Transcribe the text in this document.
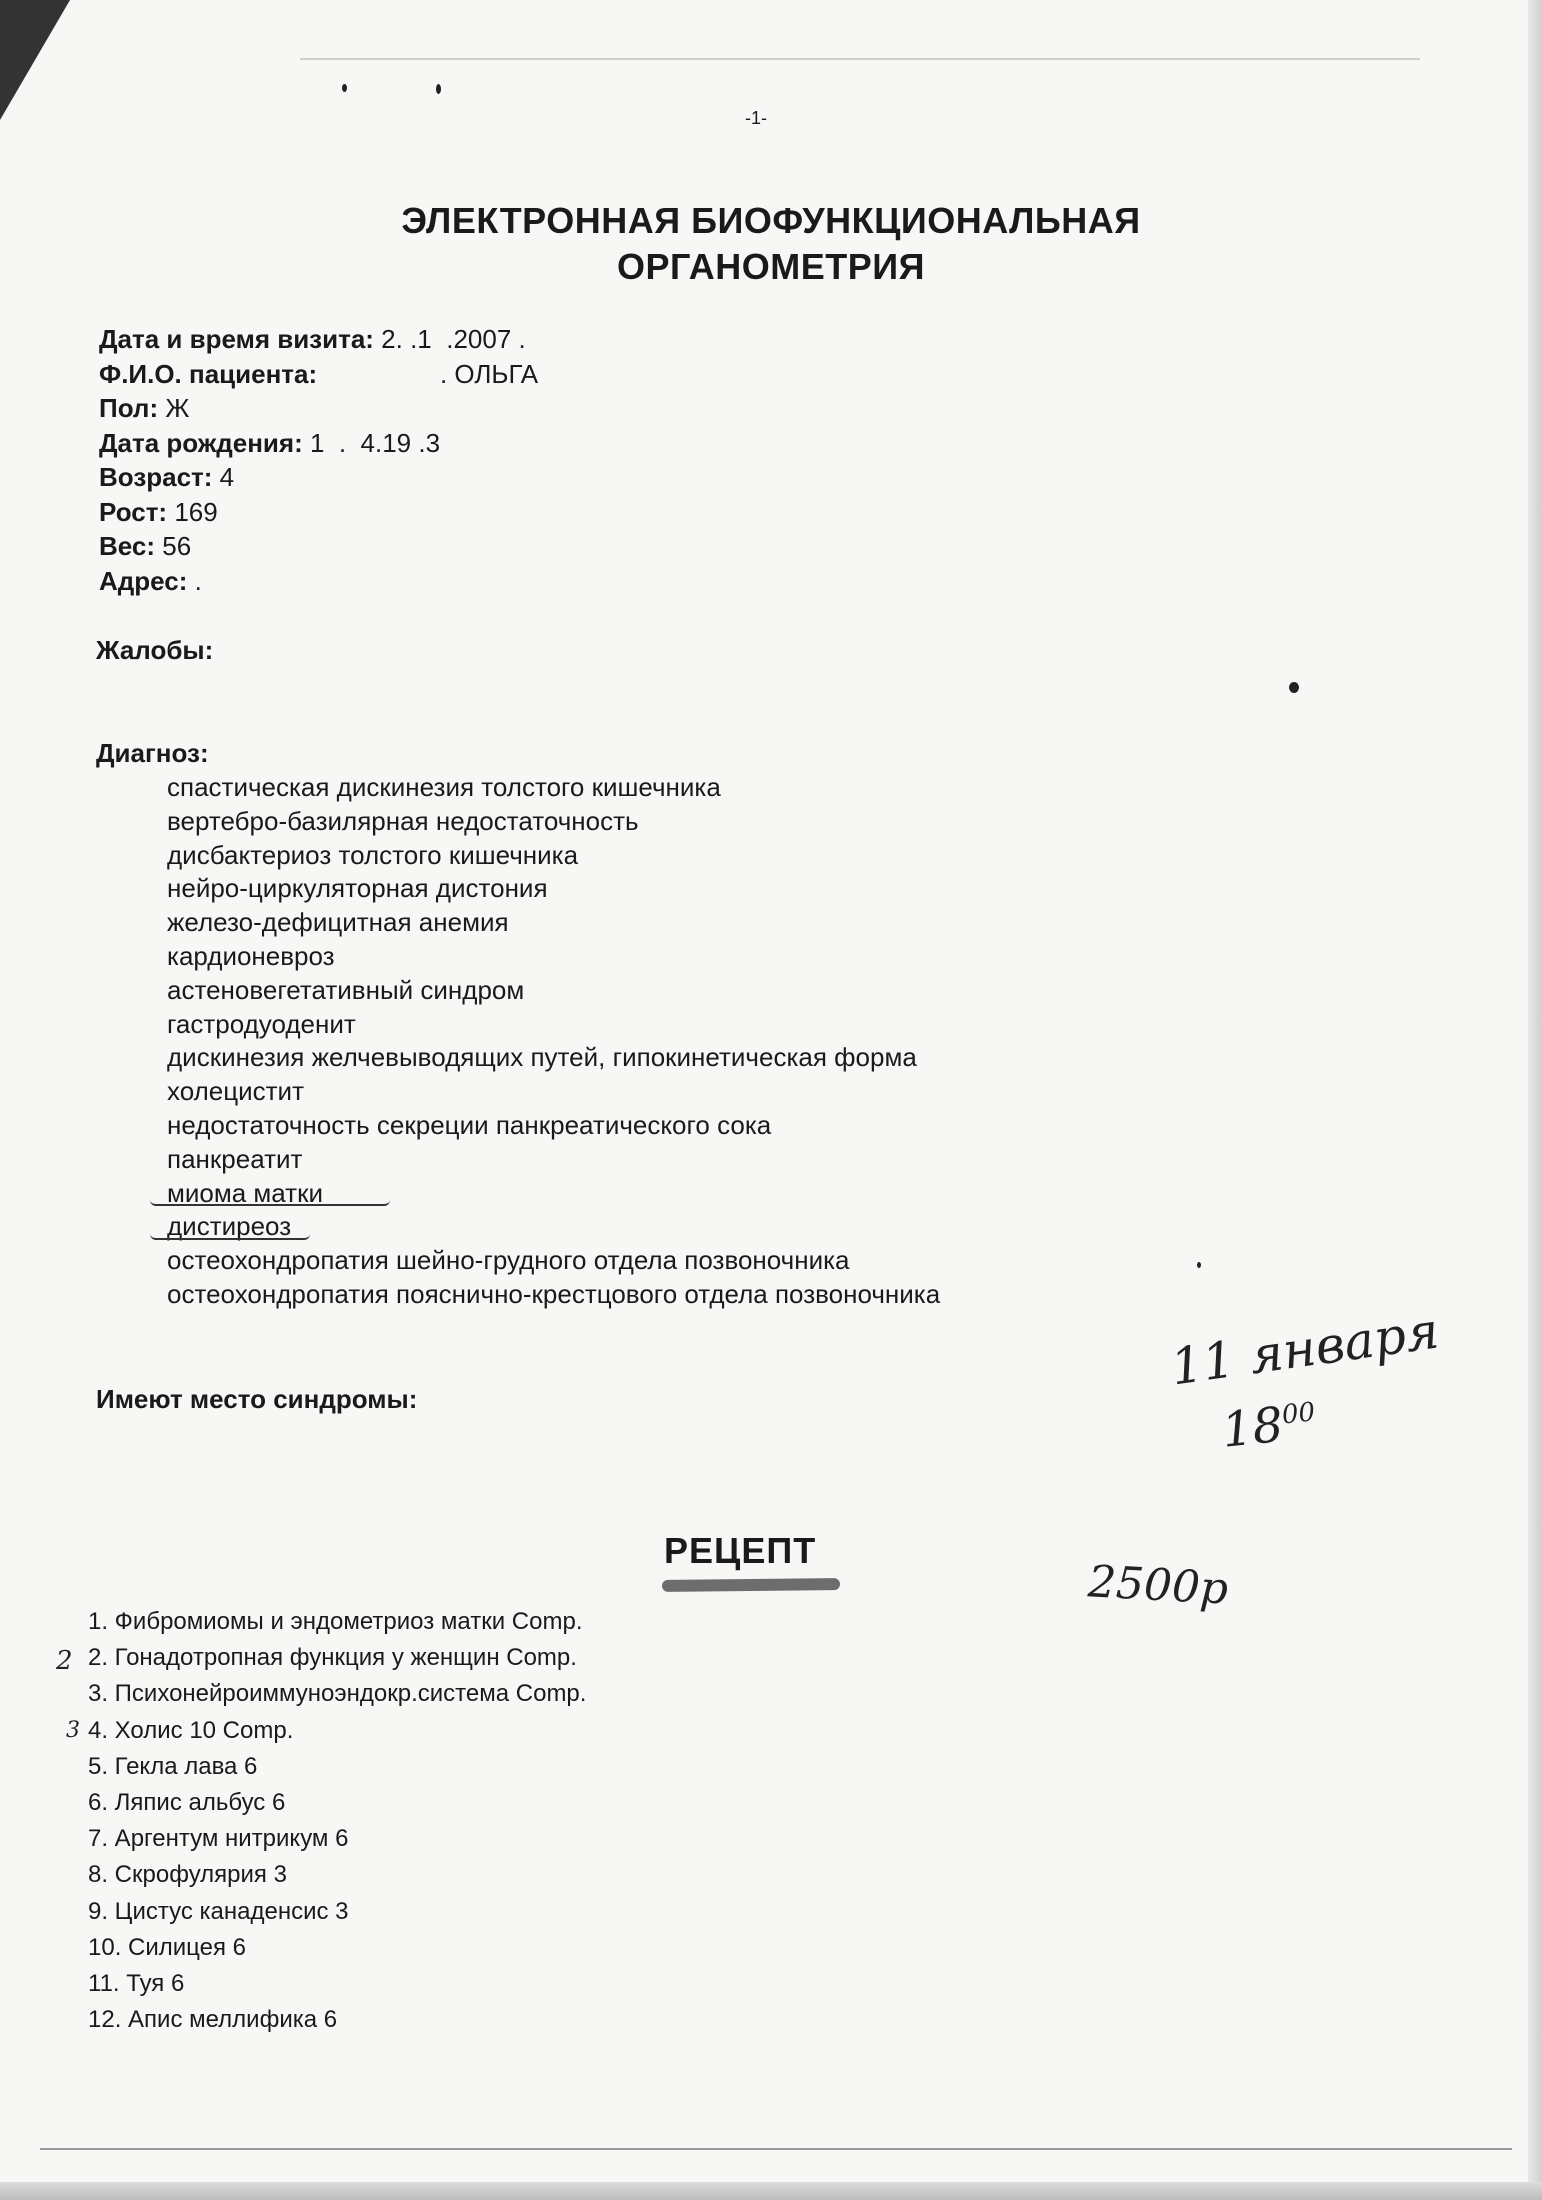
-1-
ЭЛЕКТРОННАЯ БИОФУНКЦИОНАЛЬНАЯ
ОРГАНОМЕТРИЯ
Дата и время визита: 2. .1  .2007 .
Ф.И.О. пациента:                 . ОЛЬГА
Пол: Ж
Дата рождения: 1  .  4.19 .3
Возраст: 4
Рост: 169
Вес: 56
Адрес: .
Жалобы:
Диагноз:
спастическая дискинезия толстого кишечника
вертебро-базилярная недостаточность
дисбактериоз толстого кишечника
нейро-циркуляторная дистония
железо-дефицитная анемия
кардионевроз
астеновегетативный синдром
гастродуоденит
дискинезия желчевыводящих путей, гипокинетическая форма
холецистит
недостаточность секреции панкреатического сока
панкреатит
миома матки
дистиреоз
остеохондропатия шейно-грудного отдела позвоночника
остеохондропатия пояснично-крестцового отдела позвоночника
Имеют место синдромы:
11 января
$18^{00}$
2500р
РЕЦЕПТ
2
3
1. Фибромиомы и эндометриоз матки Comp.
2. Гонадотропная функция у женщин Comp.
3. Психонейроиммуноэндокр.система Comp.
4. Холис 10 Comp.
5. Гекла лава 6
6. Ляпис альбус 6
7. Аргентум нитрикум 6
8. Скрофулярия 3
9. Цистус канаденсис 3
10. Силицея 6
11. Туя 6
12. Апис меллифика 6
